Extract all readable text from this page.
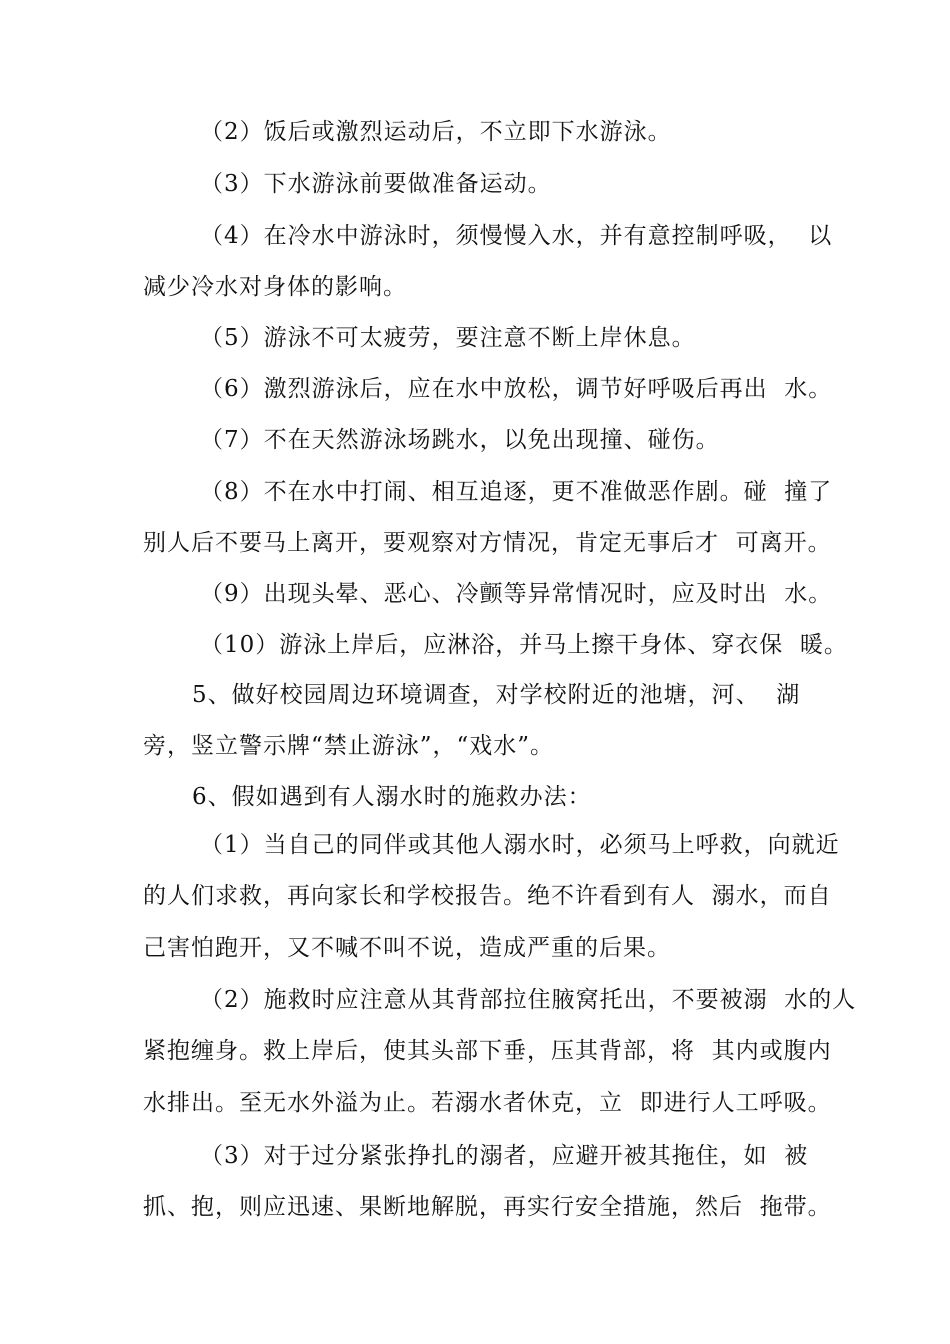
（2）饭后或激烈运动后，不立即下水游泳。
（3）下水游泳前要做准备运动。
（4）在冷水中游泳时，须慢慢入水，并有意控制呼吸，  以
减少冷水对身体的影响。
（5）游泳不可太疲劳，要注意不断上岸休息。
（6）激烈游泳后，应在水中放松，调节好呼吸后再出  水。
（7）不在天然游泳场跳水，以免出现撞、碰伤。
（8）不在水中打闹、相互追逐，更不准做恶作剧。碰  撞了
别人后不要马上离开，要观察对方情况，肯定无事后才  可离开。
（9）出现头晕、恶心、冷颤等异常情况时，应及时出  水。
（10）游泳上岸后，应淋浴，并马上擦干身体、穿衣保  暖。
5、做好校园周边环境调查，对学校附近的池塘，河、  湖
旁，竖立警示牌“禁止游泳”，“戏水”。
6、假如遇到有人溺水时的施救办法：
（1）当自己的同伴或其他人溺水时，必须马上呼救，向就近
的人们求救，再向家长和学校报告。绝不许看到有人  溺水，而自
己害怕跑开，又不喊不叫不说，造成严重的后果。
（2）施救时应注意从其背部拉住腋窝托出，不要被溺  水的人
紧抱缠身。救上岸后，使其头部下垂，压其背部，将  其内或腹内
水排出。至无水外溢为止。若溺水者休克，立  即进行人工呼吸。
（3）对于过分紧张挣扎的溺者，应避开被其拖住，如  被
抓、抱，则应迅速、果断地解脱，再实行安全措施，然后  拖带。
